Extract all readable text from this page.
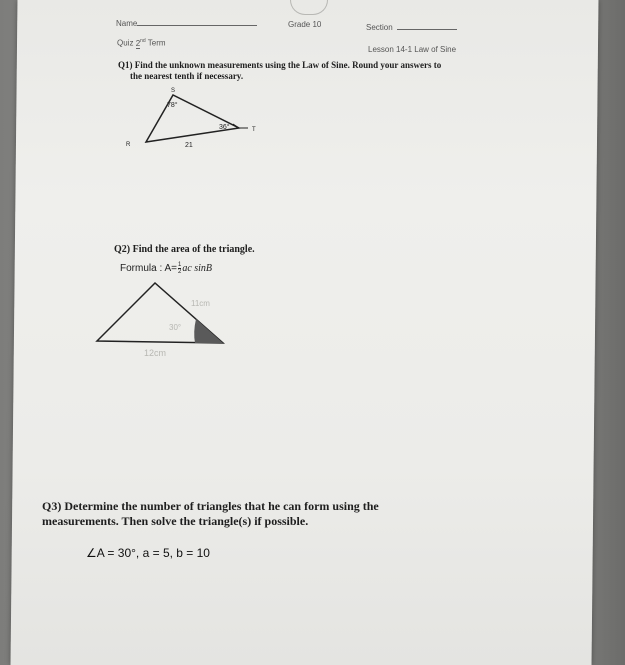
Name	Grade 10	Section
Quiz 2nd Term
Lesson 14-1 Law of Sine
Q1) Find the unknown measurements using the Law of Sine. Round your answers to
the nearest tenth if necessary.
S
T
R
78°
36°
21
Q2) Find the area of the triangle.
Formula : $A= \frac{1}{2}$ ac sinB
11cm
30°
12cm
Q3) Determine the number of triangles that he can form using the
measurements. Then solve the triangle(s) if possible.
∠A = 30°, a = 5, b = 10
